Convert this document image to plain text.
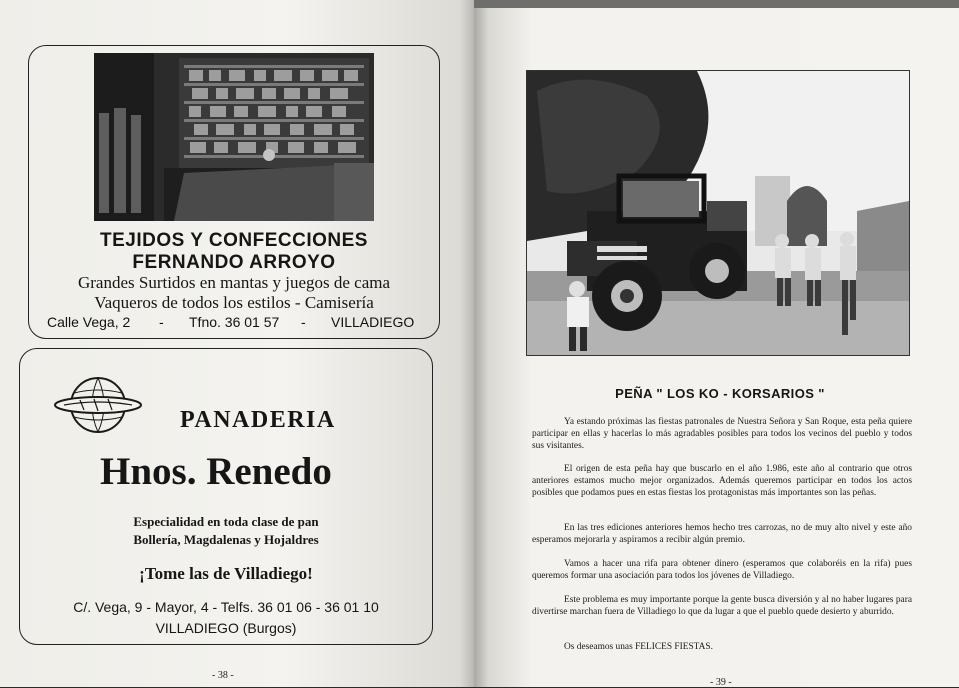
TEJIDOS Y CONFECCIONES
FERNANDO ARROYO
Grandes Surtidos en mantas y juegos de cama
Vaqueros de todos los estilos - Camisería
Calle Vega, 2 - Tfno. 36 01 57 - VILLADIEGO
PANADERIA
Hnos. Renedo
Especialidad en toda clase de pan
Bollería, Magdalenas y Hojaldres
¡Tome las de Villadiego!
C/. Vega, 9 - Mayor, 4 - Telfs. 36 01 06 - 36 01 10
VILLADIEGO (Burgos)
- 38 -
PEÑA " LOS KO - KORSARIOS "

Ya estando próximas las fiestas patronales de Nuestra Señora y San Roque, esta peña quiere participar en ellas y hacerlas lo más agradables posibles para todos los vecinos del pueblo y todos sus visitantes.

El origen de esta peña hay que buscarlo en el año 1.986, este año al contrario que otros anteriores estamos mucho mejor organizados. Además queremos participar en todos los actos posibles que podamos pues en estas fiestas los protagonistas más importantes son las peñas.

En las tres ediciones anteriores hemos hecho tres carrozas, no de muy alto nivel y este año esperamos mejorarla y aspiramos a recibir algún premio.

Vamos a hacer una rifa para obtener dinero (esperamos que colaboréis en la rifa) pues queremos formar una asociación para todos los jóvenes de Villadiego.

Este problema es muy importante porque la gente busca diversión y al no haber lugares para divertirse marchan fuera de Villadiego lo que da lugar a que el pueblo quede desierto y aburrido.

Os deseamos unas FELICES FIESTAS.

- 39 -
